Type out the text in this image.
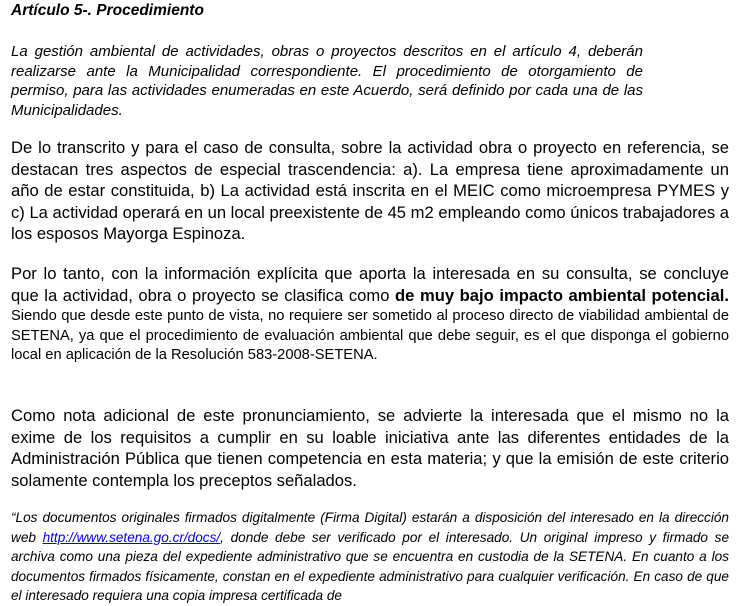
Artículo 5-. Procedimiento
La gestión ambiental de actividades, obras o proyectos descritos en el artículo 4, deberán realizarse ante la Municipalidad correspondiente. El procedimiento de otorgamiento de permiso, para las actividades enumeradas en este Acuerdo, será definido por cada una de las Municipalidades.
De lo transcrito y para el caso de consulta, sobre la actividad obra o proyecto en referencia, se destacan tres aspectos de especial trascendencia: a). La empresa tiene aproximadamente un año de estar constituida, b) La actividad está inscrita en el MEIC como microempresa PYMES y c) La actividad operará en un local preexistente de 45 m2 empleando como únicos trabajadores a los esposos Mayorga Espinoza.
Por lo tanto, con la información explícita que aporta la interesada en su consulta, se concluye que la actividad, obra o proyecto se clasifica como de muy bajo impacto ambiental potencial. Siendo que desde este punto de vista, no requiere ser sometido al proceso directo de viabilidad ambiental de SETENA, ya que el procedimiento de evaluación ambiental que debe seguir, es el que disponga el gobierno local en aplicación de la Resolución 583-2008-SETENA.
Como nota adicional de este pronunciamiento, se advierte la interesada que el mismo no la exime de los requisitos a cumplir en su loable iniciativa ante las diferentes entidades de la Administración Pública que tienen competencia en esta materia; y que la emisión de este criterio solamente contempla los preceptos señalados.
“Los documentos originales firmados digitalmente (Firma Digital) estarán a disposición del interesado en la dirección web http://www.setena.go.cr/docs/, donde debe ser verificado por el interesado. Un original impreso y firmado se archiva como una pieza del expediente administrativo que se encuentra en custodia de la SETENA. En cuanto a los documentos firmados físicamente, constan en el expediente administrativo para cualquier verificación. En caso de que el interesado requiera una copia impresa certificada de
